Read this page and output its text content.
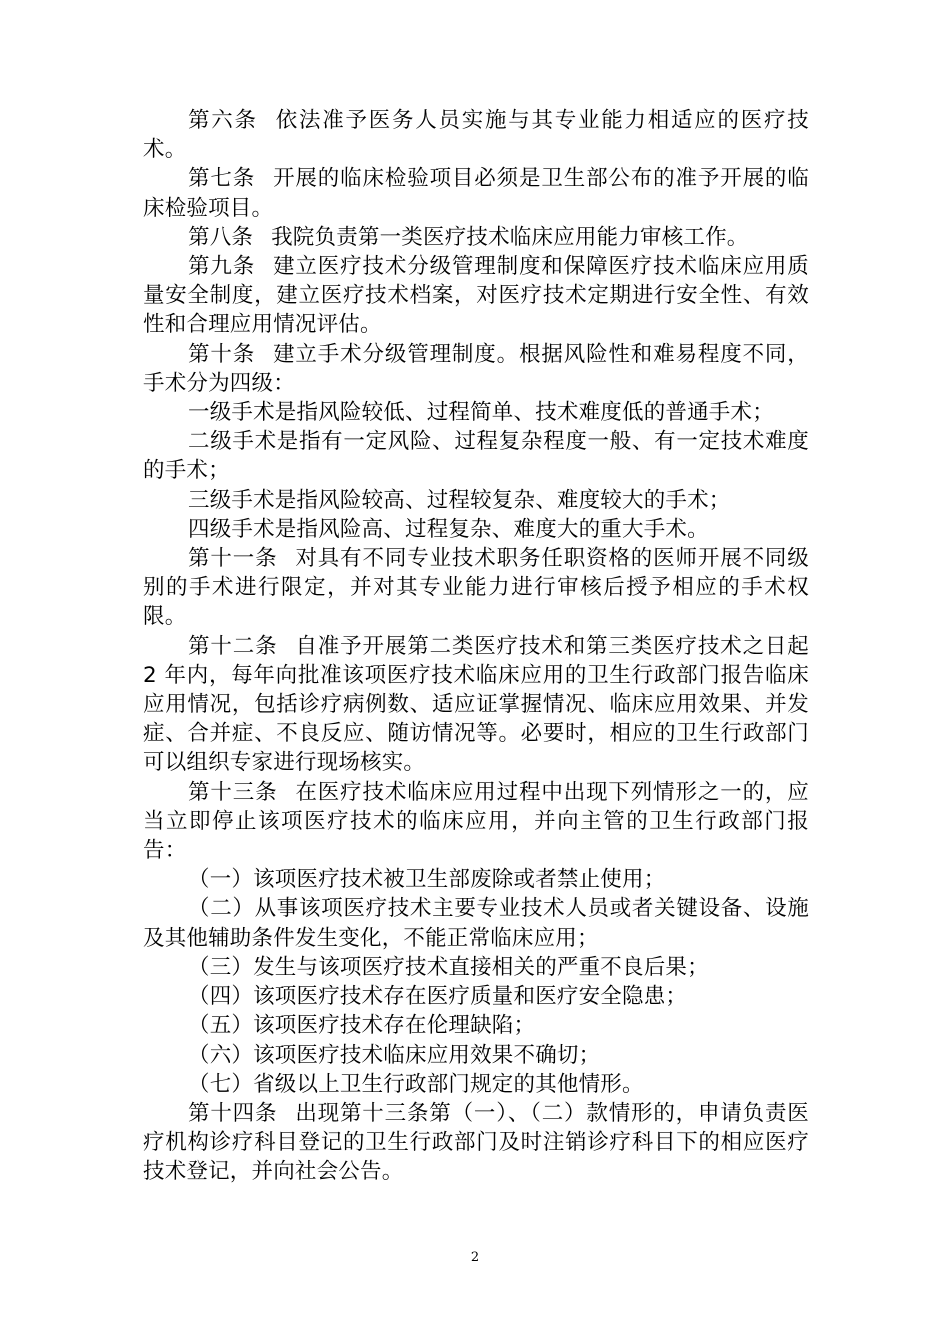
第六条 依法准予医务人员实施与其专业能力相适应的医疗技术。

第七条 开展的临床检验项目必须是卫生部公布的准予开展的临床检验项目。

第八条 我院负责第一类医疗技术临床应用能力审核工作。

第九条 建立医疗技术分级管理制度和保障医疗技术临床应用质量安全制度，建立医疗技术档案，对医疗技术定期进行安全性、有效性和合理应用情况评估。

第十条 建立手术分级管理制度。根据风险性和难易程度不同，手术分为四级：

一级手术是指风险较低、过程简单、技术难度低的普通手术；

二级手术是指有一定风险、过程复杂程度一般、有一定技术难度的手术；

三级手术是指风险较高、过程较复杂、难度较大的手术；

四级手术是指风险高、过程复杂、难度大的重大手术。

第十一条 对具有不同专业技术职务任职资格的医师开展不同级别的手术进行限定，并对其专业能力进行审核后授予相应的手术权限。

第十二条 自准予开展第二类医疗技术和第三类医疗技术之日起 2 年内，每年向批准该项医疗技术临床应用的卫生行政部门报告临床应用情况，包括诊疗病例数、适应证掌握情况、临床应用效果、并发症、合并症、不良反应、随访情况等。必要时，相应的卫生行政部门可以组织专家进行现场核实。

第十三条 在医疗技术临床应用过程中出现下列情形之一的，应当立即停止该项医疗技术的临床应用，并向主管的卫生行政部门报告：

（一）该项医疗技术被卫生部废除或者禁止使用；

（二）从事该项医疗技术主要专业技术人员或者关键设备、设施及其他辅助条件发生变化，不能正常临床应用；

（三）发生与该项医疗技术直接相关的严重不良后果；

（四）该项医疗技术存在医疗质量和医疗安全隐患；

（五）该项医疗技术存在伦理缺陷；

（六）该项医疗技术临床应用效果不确切；

（七）省级以上卫生行政部门规定的其他情形。

第十四条 出现第十三条第（一）、（二）款情形的，申请负责医疗机构诊疗科目登记的卫生行政部门及时注销诊疗科目下的相应医疗技术登记，并向社会公告。

2
